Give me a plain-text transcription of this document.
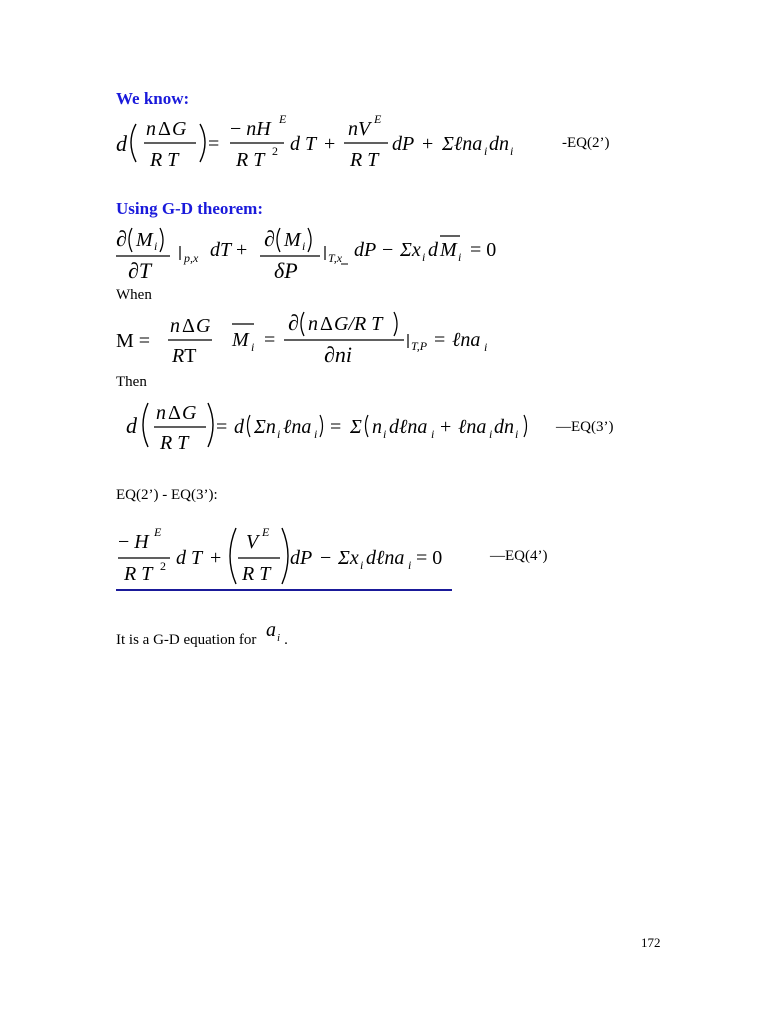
We know:
d
n Δ G
R T
=
− nH E
R T 2 d T +
nV E
R T
dP + Σℓna i dn i	-EQ(2’)
Using G-D theorem:
∂ M i
∂T	p,x dT + ∂ M i
δP	T,x dP − Σx i d M i = 0
When
M =
n Δ G
RT
M i =
∂ n Δ G/R T
∂ni	T,P = ℓna i
Then
d n Δ G
R T
= d Σn i ℓna i = Σ n i dℓna i + ℓna i dn i	—EQ(3’)
EQ(2’) - EQ(3’):
− H E
R T 2 d T +
V E
R T
dP − Σx i dℓna i = 0	—EQ(4’)
It is a G-D equation for a i .
172
